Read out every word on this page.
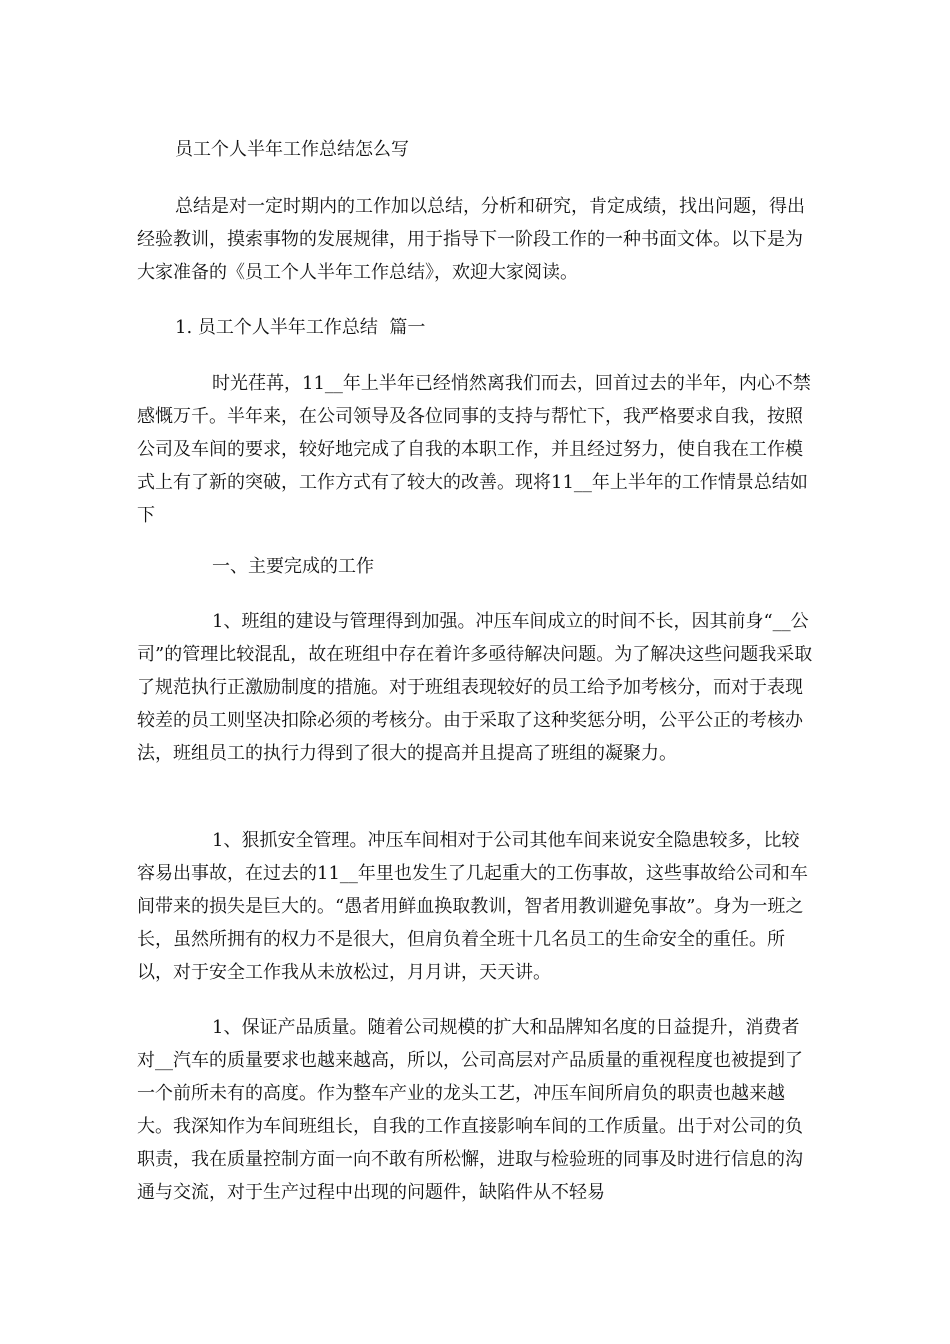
员工个人半年工作总结怎么写
总结是对一定时期内的工作加以总结，分析和研究，肯定成绩，找出问题，得出经验教训，摸索事物的发展规律，用于指导下一阶段工作的一种书面文体。以下是为大家准备的《员工个人半年工作总结》，欢迎大家阅读。
1. 员工个人半年工作总结  篇一
时光荏苒，11__年上半年已经悄然离我们而去，回首过去的半年，内心不禁感慨万千。半年来，在公司领导及各位同事的支持与帮忙下，我严格要求自我，按照公司及车间的要求，较好地完成了自我的本职工作，并且经过努力，使自我在工作模式上有了新的突破，工作方式有了较大的改善。现将11__年上半年的工作情景总结如下
一、主要完成的工作
1、班组的建设与管理得到加强。冲压车间成立的时间不长，因其前身“__公司”的管理比较混乱，故在班组中存在着许多亟待解决问题。为了解决这些问题我采取了规范执行正激励制度的措施。对于班组表现较好的员工给予加考核分，而对于表现较差的员工则坚决扣除必须的考核分。由于采取了这种奖惩分明，公平公正的考核办法，班组员工的执行力得到了很大的提高并且提高了班组的凝聚力。
1、狠抓安全管理。冲压车间相对于公司其他车间来说安全隐患较多，比较容易出事故，在过去的11__年里也发生了几起重大的工伤事故，这些事故给公司和车间带来的损失是巨大的。“愚者用鲜血换取教训，智者用教训避免事故”。身为一班之长，虽然所拥有的权力不是很大，但肩负着全班十几名员工的生命安全的重任。所以，对于安全工作我从未放松过，月月讲，天天讲。
1、保证产品质量。随着公司规模的扩大和品牌知名度的日益提升，消费者对__汽车的质量要求也越来越高，所以，公司高层对产品质量的重视程度也被提到了一个前所未有的高度。作为整车产业的龙头工艺，冲压车间所肩负的职责也越来越大。我深知作为车间班组长，自我的工作直接影响车间的工作质量。出于对公司的负职责，我在质量控制方面一向不敢有所松懈，进取与检验班的同事及时进行信息的沟通与交流，对于生产过程中出现的问题件，缺陷件从不轻易
